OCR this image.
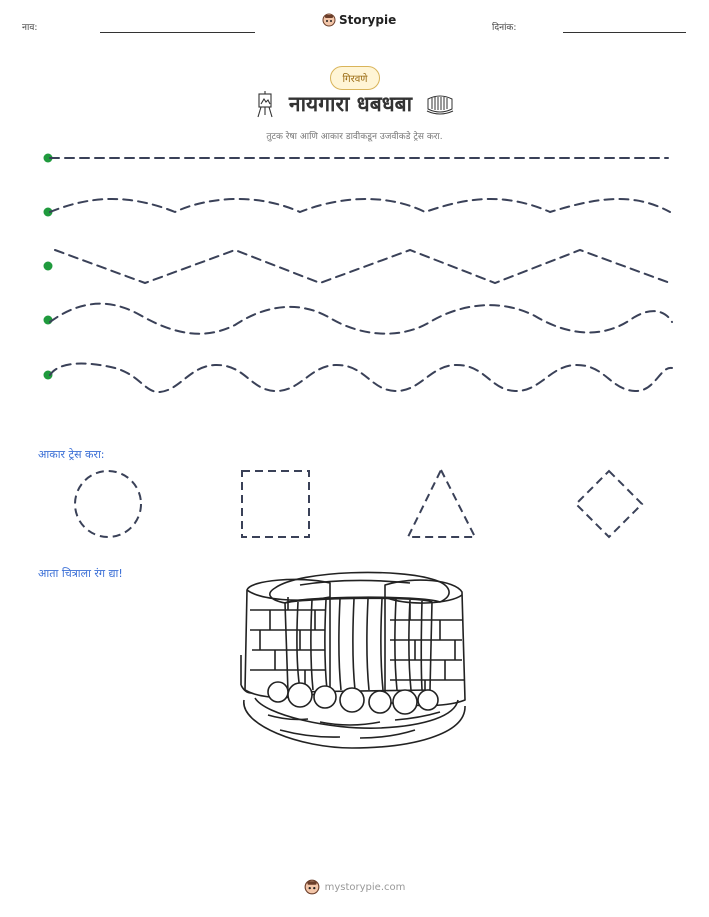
नाव:
Storypie
दिनांक:
गिरवणे
नायगारा धबधबा
तुटक रेषा आणि आकार डावीकडून उजवीकडे ट्रेस करा.
आकार ट्रेस करा:
आता चित्राला रंग द्या!
mystorypie.com
